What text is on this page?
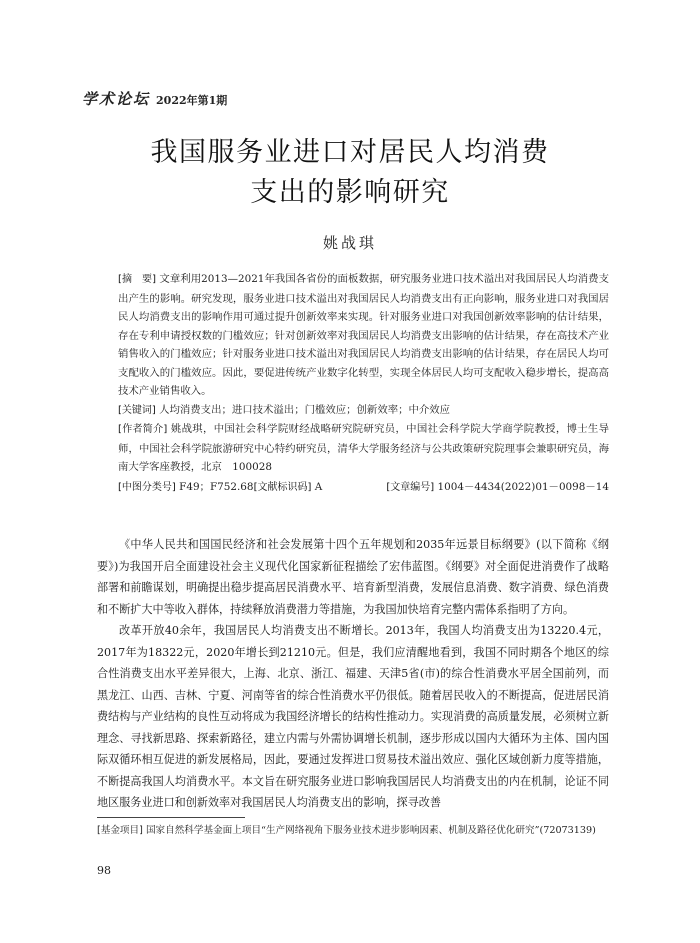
学术论坛 2022年第1期
我国服务业进口对居民人均消费
支出的影响研究
姚战琪

[摘　要] 文章利用2013—2021年我国各省份的面板数据，研究服务业进口技术溢出对我国居民人均消费支出产生的影响。研究发现，服务业进口技术溢出对我国居民人均消费支出有正向影响，服务业进口对我国居民人均消费支出的影响作用可通过提升创新效率来实现。针对服务业进口对我国创新效率影响的估计结果，存在专利申请授权数的门槛效应；针对创新效率对我国居民人均消费支出影响的估计结果，存在高技术产业销售收入的门槛效应；针对服务业进口技术溢出对我国居民人均消费支出影响的估计结果，存在居民人均可支配收入的门槛效应。因此，要促进传统产业数字化转型，实现全体居民人均可支配收入稳步增长，提高高技术产业销售收入。

[关键词] 人均消费支出；进口技术溢出；门槛效应；创新效率；中介效应

[作者简介] 姚战琪，中国社会科学院财经战略研究院研究员，中国社会科学院大学商学院教授，博士生导师，中国社会科学院旅游研究中心特约研究员，清华大学服务经济与公共政策研究院理事会兼职研究员，海南大学客座教授，北京　100028

[中图分类号] F49；F752.68 [文献标识码] A	[文章编号] 1004－4434(2022)01－0098－14

《中华人民共和国国民经济和社会发展第十四个五年规划和2035年远景目标纲要》(以下简称《纲要》)为我国开启全面建设社会主义现代化国家新征程描绘了宏伟蓝图。《纲要》对全面促进消费作了战略部署和前瞻谋划，明确提出稳步提高居民消费水平、培育新型消费，发展信息消费、数字消费、绿色消费和不断扩大中等收入群体，持续释放消费潜力等措施，为我国加快培育完整内需体系指明了方向。

改革开放40余年，我国居民人均消费支出不断增长。2013年，我国人均消费支出为13220.4元，2017年为18322元，2020年增长到21210元。但是，我们应清醒地看到，我国不同时期各个地区的综合性消费支出水平差异很大，上海、北京、浙江、福建、天津5省(市)的综合性消费水平居全国前列，而黑龙江、山西、吉林、宁夏、河南等省的综合性消费水平仍很低。随着居民收入的不断提高，促进居民消费结构与产业结构的良性互动将成为我国经济增长的结构性推动力。实现消费的高质量发展，必须树立新理念、寻找新思路、探索新路径，建立内需与外需协调增长机制，逐步形成以国内大循环为主体、国内国际双循环相互促进的新发展格局，因此，要通过发挥进口贸易技术溢出效应、强化区域创新力度等措施，不断提高我国人均消费水平。本文旨在研究服务业进口影响我国居民人均消费支出的内在机制，论证不同地区服务业进口和创新效率对我国居民人均消费支出的影响，探寻改善

[基金项目] 国家自然科学基金面上项目“生产网络视角下服务业技术进步影响因素、机制及路径优化研究”(72073139)
98
